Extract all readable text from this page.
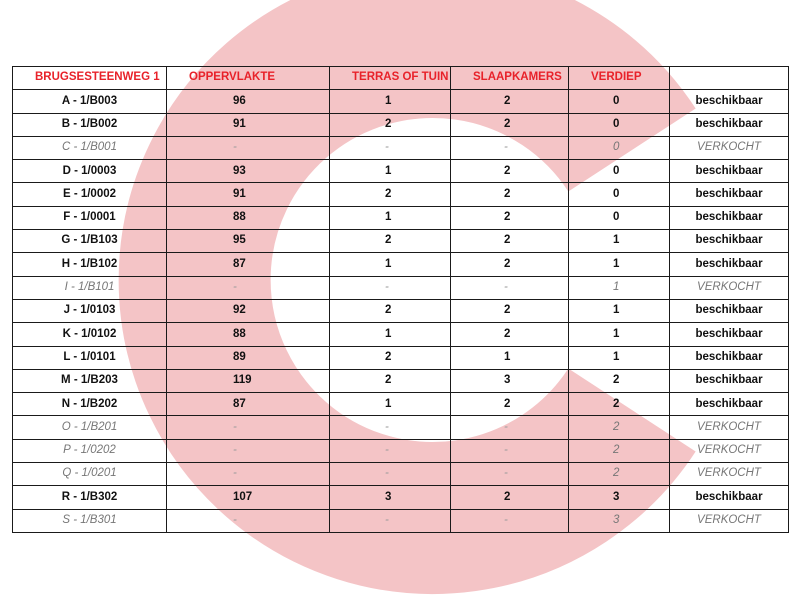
BRUGSESTEENWEG 1	OPPERVLAKTE	TERRAS OF TUIN	SLAAPKAMERS	VERDIEP	
A - 1/B003	96	1	2	0	beschikbaar
B - 1/B002	91	2	2	0	beschikbaar
C - 1/B001	-	-	-	0	VERKOCHT
D - 1/0003	93	1	2	0	beschikbaar
E - 1/0002	91	2	2	0	beschikbaar
F - 1/0001	88	1	2	0	beschikbaar
G - 1/B103	95	2	2	1	beschikbaar
H - 1/B102	87	1	2	1	beschikbaar
I - 1/B101	-	-	-	1	VERKOCHT
J - 1/0103	92	2	2	1	beschikbaar
K - 1/0102	88	1	2	1	beschikbaar
L - 1/0101	89	2	1	1	beschikbaar
M - 1/B203	119	2	3	2	beschikbaar
N - 1/B202	87	1	2	2	beschikbaar
O - 1/B201	-	-	-	2	VERKOCHT
P - 1/0202	-	-	-	2	VERKOCHT
Q - 1/0201	-	-	-	2	VERKOCHT
R - 1/B302	107	3	2	3	beschikbaar
S - 1/B301	-	-	-	3	VERKOCHT
